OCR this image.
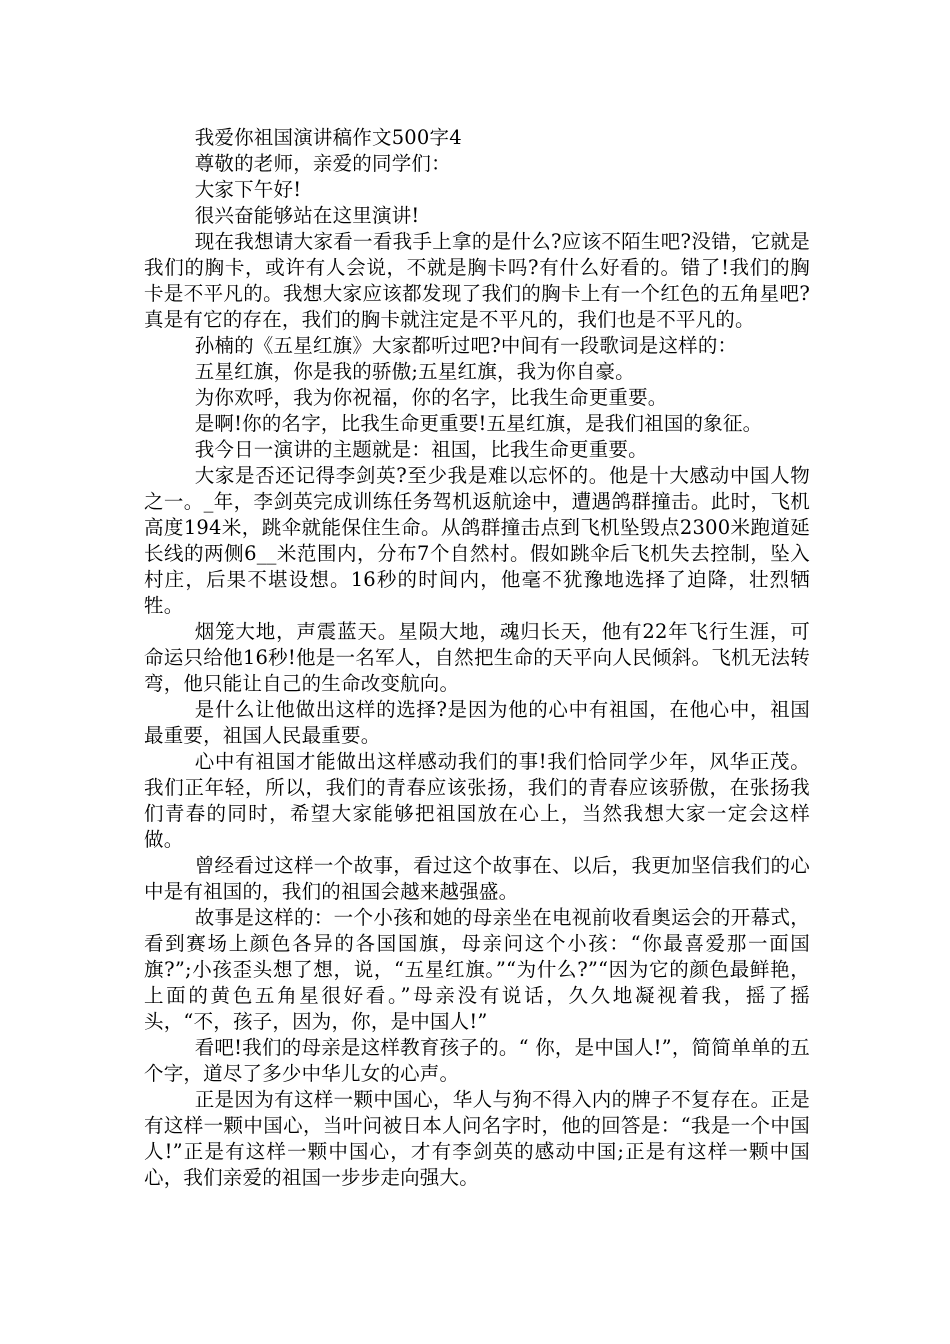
我爱你祖国演讲稿作文500字4

尊敬的老师，亲爱的同学们：

大家下午好!

很兴奋能够站在这里演讲!

现在我想请大家看一看我手上拿的是什么?应该不陌生吧?没错，它就是我们的胸卡，或许有人会说，不就是胸卡吗?有什么好看的。错了!我们的胸卡是不平凡的。我想大家应该都发现了我们的胸卡上有一个红色的五角星吧?真是有它的存在，我们的胸卡就注定是不平凡的，我们也是不平凡的。

孙楠的《五星红旗》大家都听过吧?中间有一段歌词是这样的：

五星红旗，你是我的骄傲;五星红旗，我为你自豪。

为你欢呼，我为你祝福，你的名字，比我生命更重要。

是啊!你的名字，比我生命更重要!五星红旗，是我们祖国的象征。

我今日一演讲的主题就是：祖国，比我生命更重要。

大家是否还记得李剑英?至少我是难以忘怀的。他是十大感动中国人物之一。_年，李剑英完成训练任务驾机返航途中，遭遇鸽群撞击。此时，飞机高度194米，跳伞就能保住生命。从鸽群撞击点到飞机坠毁点2300米跑道延长线的两侧6__米范围内，分布7个自然村。假如跳伞后飞机失去控制，坠入村庄，后果不堪设想。16秒的时间内，他毫不犹豫地选择了迫降，壮烈牺牲。

烟笼大地，声震蓝天。星陨大地，魂归长天，他有22年飞行生涯，可命运只给他16秒!他是一名军人，自然把生命的天平向人民倾斜。飞机无法转弯，他只能让自己的生命改变航向。

是什么让他做出这样的选择?是因为他的心中有祖国，在他心中，祖国最重要，祖国人民最重要。

心中有祖国才能做出这样感动我们的事!我们恰同学少年，风华正茂。我们正年轻，所以，我们的青春应该张扬，我们的青春应该骄傲，在张扬我们青春的同时，希望大家能够把祖国放在心上，当然我想大家一定会这样做。

曾经看过这样一个故事，看过这个故事在、以后，我更加坚信我们的心中是有祖国的，我们的祖国会越来越强盛。

故事是这样的：一个小孩和她的母亲坐在电视前收看奥运会的开幕式，看到赛场上颜色各异的各国国旗，母亲问这个小孩：“你最喜爱那一面国旗?”;小孩歪头想了想，说，“五星红旗。”“为什么?”“因为它的颜色最鲜艳，上面的黄色五角星很好看。”母亲没有说话，久久地凝视着我，摇了摇头，“不，孩子，因为，你，是中国人!”

看吧!我们的母亲是这样教育孩子的。“ 你，是中国人!”，简简单单的五个字，道尽了多少中华儿女的心声。

正是因为有这样一颗中国心，华人与狗不得入内的牌子不复存在。正是有这样一颗中国心，当叶问被日本人问名字时，他的回答是：“我是一个中国人!”正是有这样一颗中国心，才有李剑英的感动中国;正是有这样一颗中国心，我们亲爱的祖国一步步走向强大。
